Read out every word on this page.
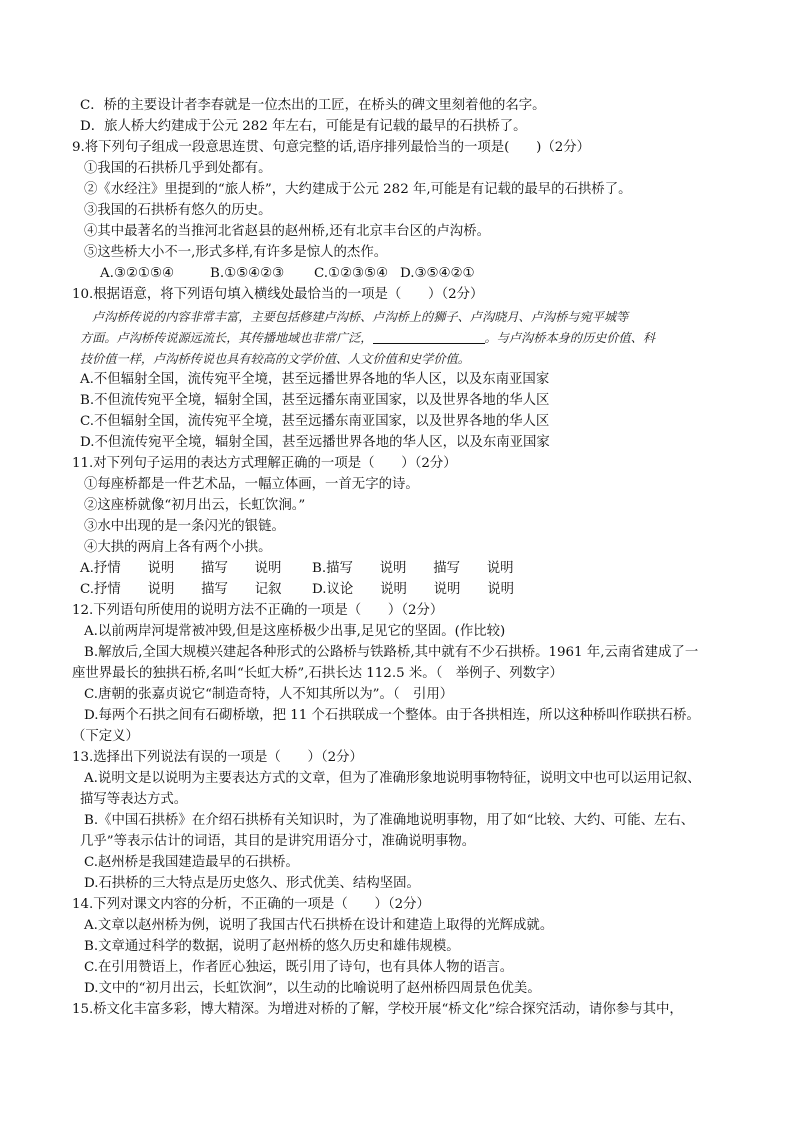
C．桥的主要设计者李春就是一位杰出的工匠，在桥头的碑文里刻着他的名字。
D．旅人桥大约建成于公元 282 年左右，可能是有记载的最早的石拱桥了。
9.将下列句子组成一段意思连贯、句意完整的话,语序排列最恰当的一项是(　　)（2分）
①我国的石拱桥几乎到处都有。
②《水经注》里提到的“旅人桥”，大约建成于公元 282 年,可能是有记载的最早的石拱桥了。
③我国的石拱桥有悠久的历史。
④其中最著名的当推河北省赵县的赵州桥,还有北京丰台区的卢沟桥。
⑤这些桥大小不一,形式多样,有许多是惊人的杰作。
A.③②①⑤④	B.①⑤④②③ C.①②③⑤④ D.③⑤④②①
10.根据语意，将下列语句填入横线处最恰当的一项是（　　）（2分）
卢沟桥传说的内容非常丰富，主要包括修建卢沟桥、卢沟桥上的狮子、卢沟晓月、卢沟桥与宛平城等
方面。卢沟桥传说源远流长，其传播地域也非常广泛，	。与卢沟桥本身的历史价值、科
技价值一样，卢沟桥传说也具有较高的文学价值、人文价值和史学价值。
A.不但辐射全国，流传宛平全境，甚至远播世界各地的华人区，以及东南亚国家
B.不但流传宛平全境，辐射全国，甚至远播东南亚国家，以及世界各地的华人区
C.不但辐射全国，流传宛平全境，甚至远播东南亚国家，以及世界各地的华人区
D.不但流传宛平全境，辐射全国，甚至远播世界各地的华人区，以及东南亚国家
11.对下列句子运用的表达方式理解正确的一项是（　　）（2分）
①每座桥都是一件艺术品，一幅立体画，一首无字的诗。
②这座桥就像“初月出云，长虹饮涧。”
③水中出现的是一条闪光的银链。
④大拱的两肩上各有两个小拱。
A.抒情　　说明　　描写　　说明 B.描写　　说明　　描写　　说明
C.抒情　　说明　　描写　　记叙 D.议论　　说明　　说明　　说明
12.下列语句所使用的说明方法不正确的一项是（　　）（2分）
A.以前两岸河堤常被冲毁,但是这座桥极少出事,足见它的坚固。(作比较)
B.解放后,全国大规模兴建起各种形式的公路桥与铁路桥,其中就有不少石拱桥。1961 年,云南省建成了一
座世界最长的独拱石桥,名叫“长虹大桥”,石拱长达 112.5 米。（　举例子、列数字）
C.唐朝的张嘉贞说它“制造奇特，人不知其所以为”。（　引用）
D.每两个石拱之间有石砌桥墩，把 11 个石拱联成一个整体。由于各拱相连，所以这种桥叫作联拱石桥。
（下定义）
13.选择出下列说法有误的一项是（　　）（2分）
A.说明文是以说明为主要表达方式的文章，但为了准确形象地说明事物特征，说明文中也可以运用记叙、
描写等表达方式。
B.《中国石拱桥》在介绍石拱桥有关知识时，为了准确地说明事物，用了如“比较、大约、可能、左右、
几乎”等表示估计的词语，其目的是讲究用语分寸，准确说明事物。
C.赵州桥是我国建造最早的石拱桥。
D.石拱桥的三大特点是历史悠久、形式优美、结构坚固。
14.下列对课文内容的分析，不正确的一项是（　　）（2分）
A.文章以赵州桥为例，说明了我国古代石拱桥在设计和建造上取得的光辉成就。
B.文章通过科学的数据，说明了赵州桥的悠久历史和雄伟规模。
C.在引用赞语上，作者匠心独运，既引用了诗句，也有具体人物的语言。
D.文中的“初月出云，长虹饮涧”，以生动的比喻说明了赵州桥四周景色优美。
15.桥文化丰富多彩，博大精深。为增进对桥的了解，学校开展“桥文化”综合探究活动，请你参与其中，
